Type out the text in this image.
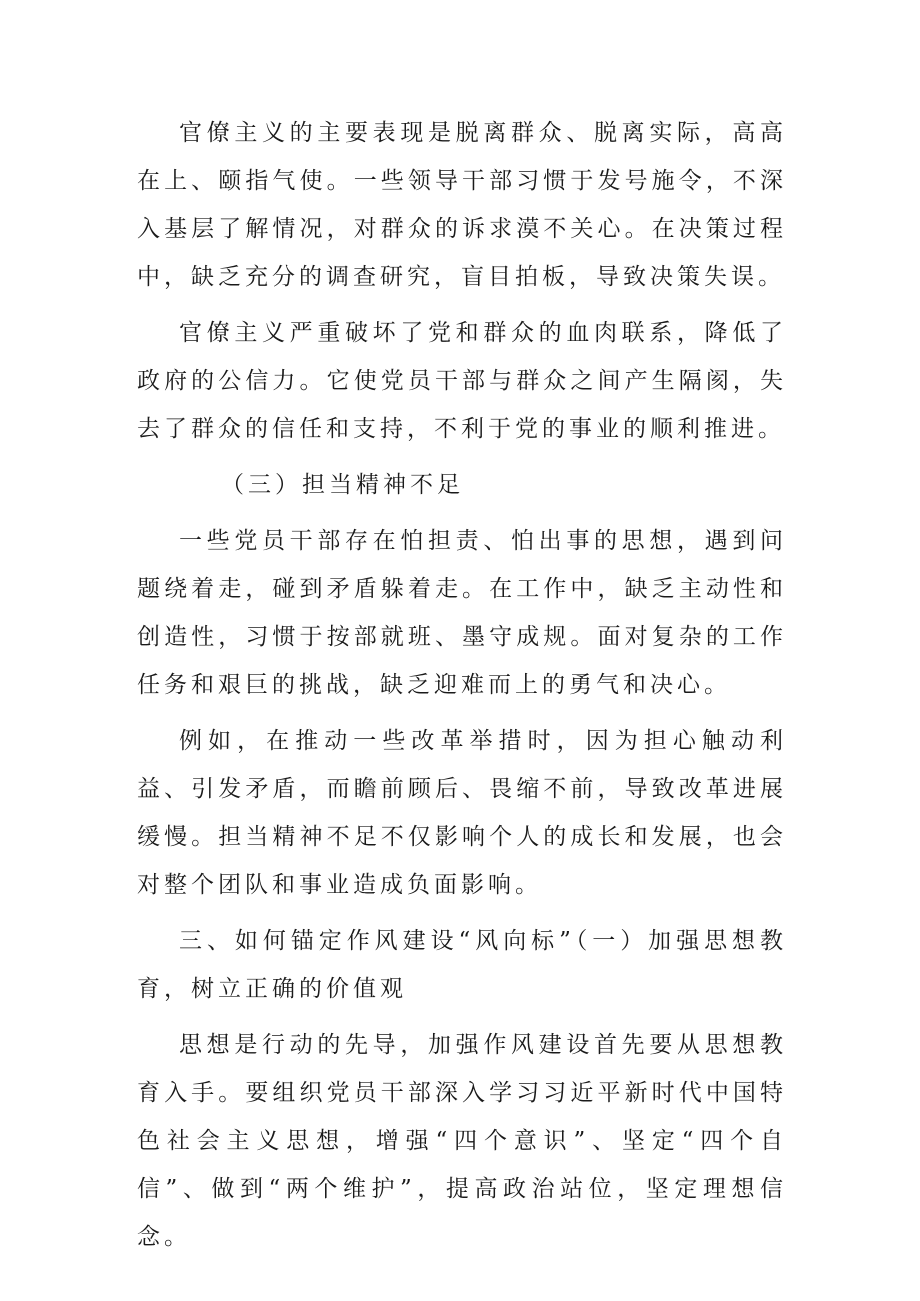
官僚主义的主要表现是脱离群众、脱离实际，高高在上、颐指气使。一些领导干部习惯于发号施令，不深入基层了解情况，对群众的诉求漠不关心。在决策过程中，缺乏充分的调查研究，盲目拍板，导致决策失误。

官僚主义严重破坏了党和群众的血肉联系，降低了政府的公信力。它使党员干部与群众之间产生隔阂，失去了群众的信任和支持，不利于党的事业的顺利推进。

（三）担当精神不足

一些党员干部存在怕担责、怕出事的思想，遇到问题绕着走，碰到矛盾躲着走。在工作中，缺乏主动性和创造性，习惯于按部就班、墨守成规。面对复杂的工作任务和艰巨的挑战，缺乏迎难而上的勇气和决心。

例如，在推动一些改革举措时，因为担心触动利益、引发矛盾，而瞻前顾后、畏缩不前，导致改革进展缓慢。担当精神不足不仅影响个人的成长和发展，也会对整个团队和事业造成负面影响。

三、如何锚定作风建设“风向标”（一）加强思想教育，树立正确的价值观

思想是行动的先导，加强作风建设首先要从思想教育入手。要组织党员干部深入学习习近平新时代中国特色社会主义思想，增强“四个意识”、坚定“四个自信”、做到“两个维护”，提高政治站位，坚定理想信念。
